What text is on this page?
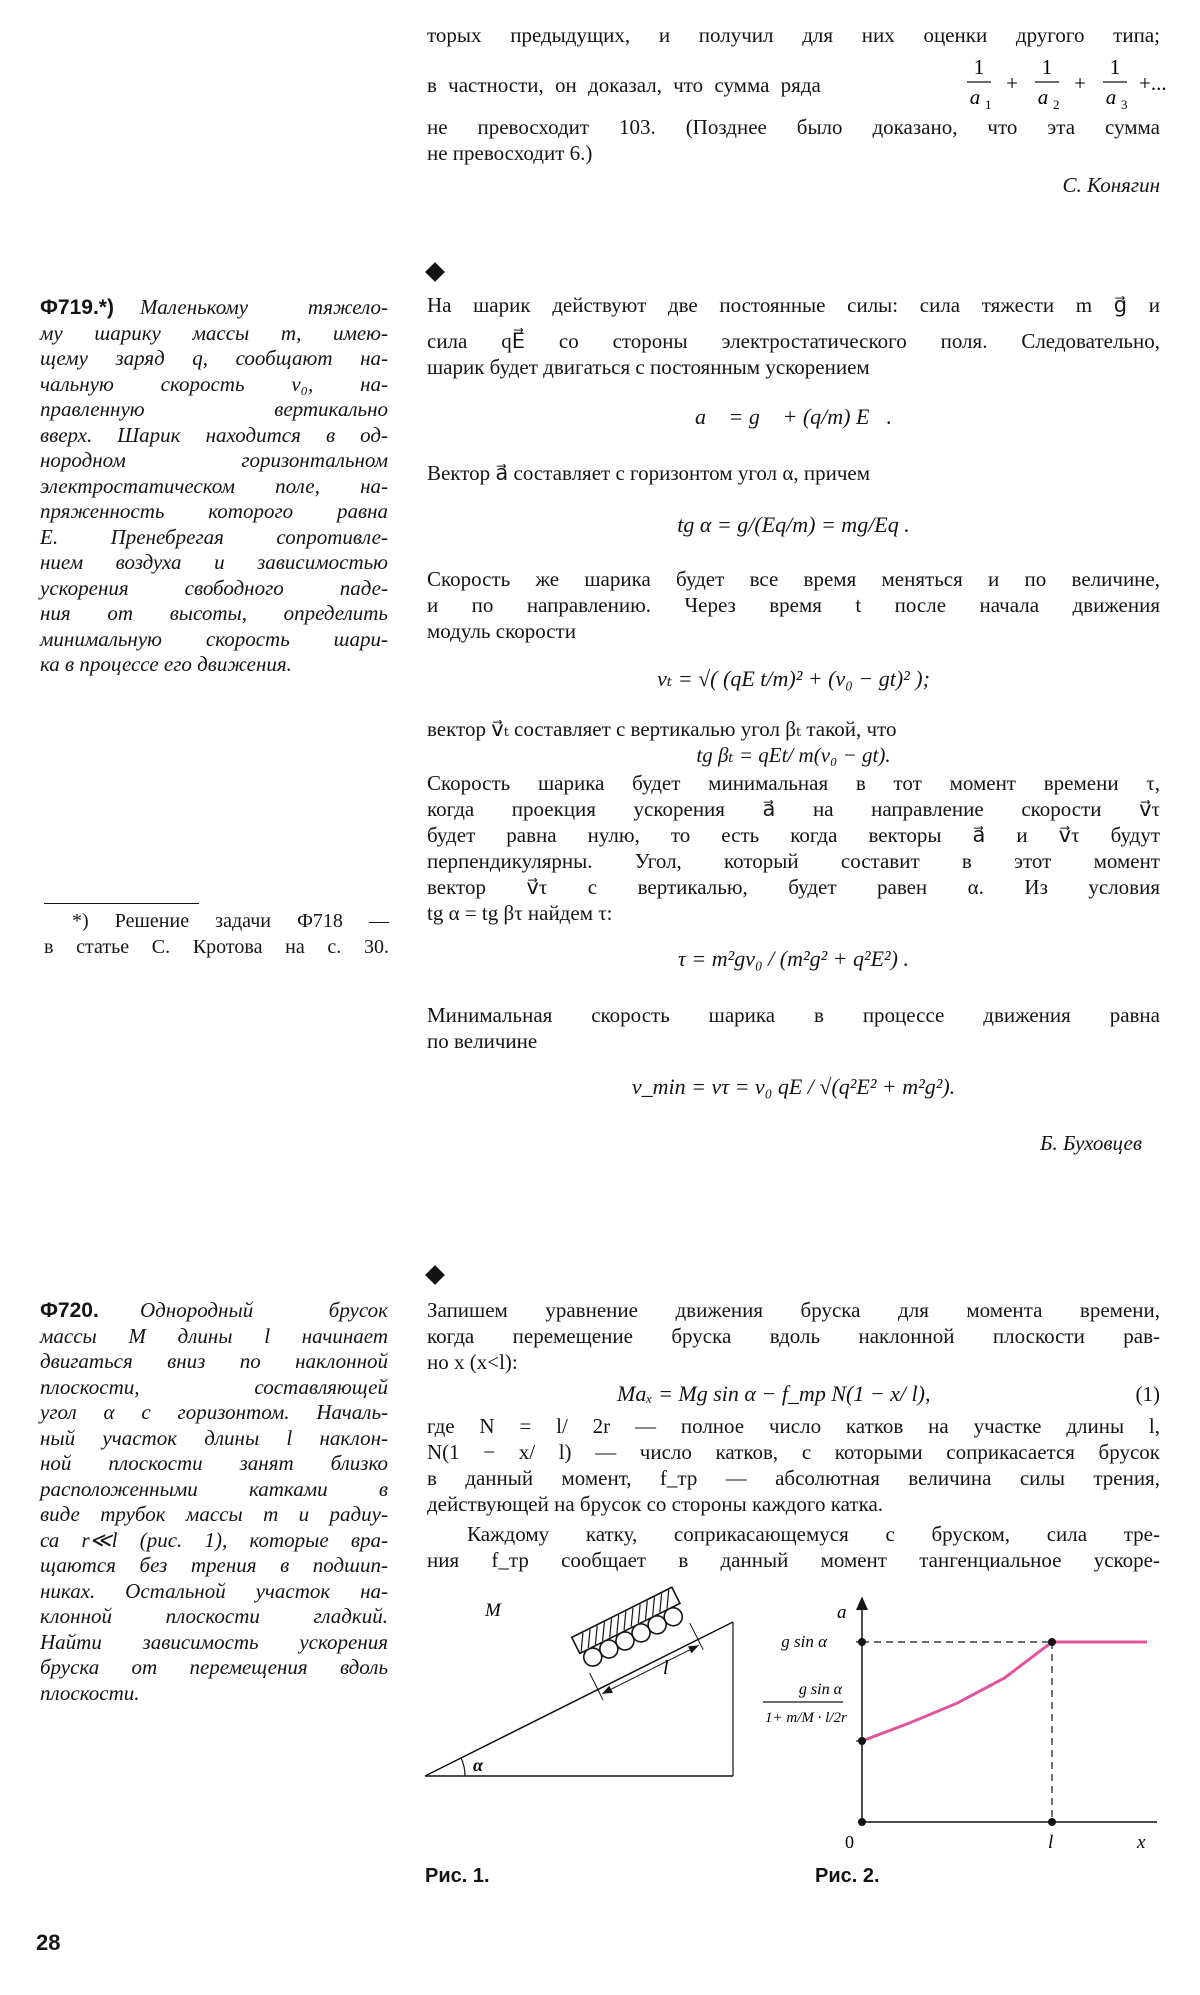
торых предыдущих, и получил для них оценки другого типа;

в частности, он доказал, что сумма ряда
1
a 1
+
1
a 2
+
1
a 3
+...
не превосходит 103. (Позднее было доказано, что эта сумма
не превосходит 6.)
С. Конягин
Ф719.*) Маленькому тяжело-
му шарику массы m, имею-
щему заряд q, сообщают на-
чальную скорость v₀, на-
правленную вертикально
вверх. Шарик находится в од-
нородном горизонтальном
электростатическом поле, на-
пряженность которого равна
E. Пренебрегая сопротивле-
нием воздуха и зависимостью
ускорения свободного паде-
ния от высоты, определить
минимальную скорость шари-
ка в процессе его движения.
*) Решение задачи Ф718 —
в статье С. Кротова на с. 30.
На шарик действуют две постоянные силы: сила тяжести m g⃗ и
сила qE⃗ со стороны электростатического поля. Следовательно,
шарик будет двигаться с постоянным ускорением
a⃗ = g⃗ + (q/m) E⃗.
Вектор a⃗ составляет с горизонтом угол α, причем
tg α = g/(Eq/m) = mg/Eq .
Скорость же шарика будет все время меняться и по величине,
и по направлению. Через время t после начала движения
модуль скорости
vₜ = √( (qE t/m)² + (v₀ − gt)² );
вектор v⃗ₜ составляет с вертикалью угол βₜ такой, что
tg βₜ = qEt/ m(v₀ − gt).
Скорость шарика будет минимальная в тот момент времени τ,
когда проекция ускорения a⃗ на направление скорости v⃗τ
будет равна нулю, то есть когда векторы a⃗ и v⃗τ будут
перпендикулярны. Угол, который составит в этот момент
вектор v⃗τ с вертикалью, будет равен α. Из условия
tg α = tg βτ найдем τ:
τ = m²gv₀ / (m²g² + q²E²) .
Минимальная скорость шарика в процессе движения равна
по величине
v_min = vτ = v₀ qE / √(q²E² + m²g²).
Б. Буховцев
Ф720. Однородный брусок
массы M длины l начинает
двигаться вниз по наклонной
плоскости, составляющей
угол α с горизонтом. Началь-
ный участок длины l наклон-
ной плоскости занят близко
расположенными катками в
виде трубок массы m и радиу-
са r≪l (рис. 1), которые вра-
щаются без трения в подшип-
никах. Остальной участок на-
клонной плоскости гладкий.
Найти зависимость ускорения
бруска от перемещения вдоль
плоскости.
Запишем уравнение движения бруска для момента времени,
когда перемещение бруска вдоль наклонной плоскости рав-
но x (x<l):
Maₓ = Mg sin α − f_тр N(1 − x/ l),	(1)
где N = l/ 2r — полное число катков на участке длины l,
N(1 − x/ l) — число катков, с которыми соприкасается брусок
в данный момент, f_тр — абсолютная величина силы трения,
действующей на брусок со стороны каждого катка.
Каждому катку, соприкасающемуся с бруском, сила тре-
ния f_тр сообщает в данный момент тангенциальное ускоре-
α
M
l
Рис. 1.
a
x
0	l
g sin α
g sin α
1+ m/M · l/2r
Рис. 2.
28
